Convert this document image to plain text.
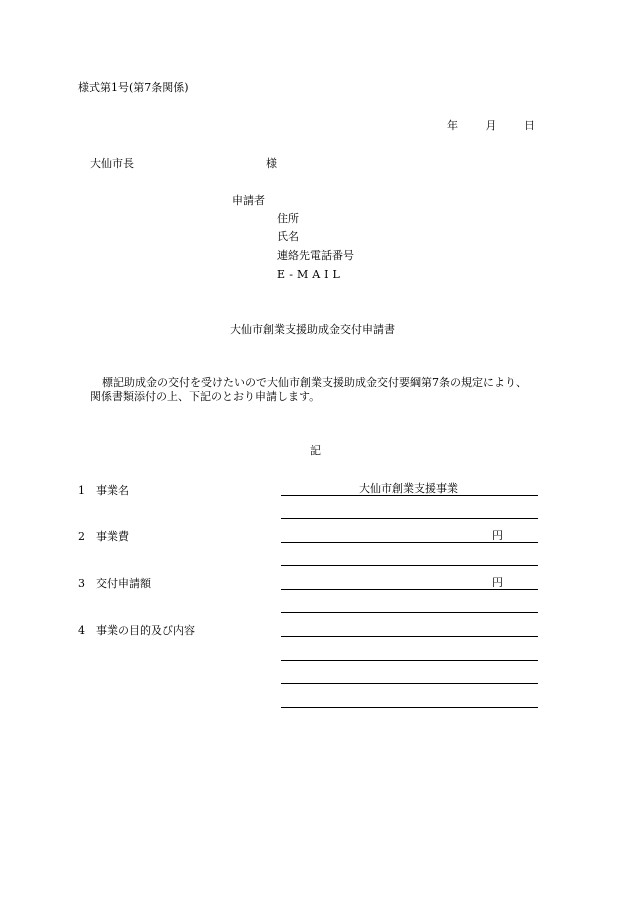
様式第1号(第7条関係)
年	月	日
大仙市長	様
申請者
住所
氏名
連絡先電話番号
E-MAIL
大仙市創業支援助成金交付申請書
標記助成金の交付を受けたいので大仙市創業支援助成金交付要綱第7条の規定により、
関係書類添付の上、下記のとおり申請します。
記
1 事業名	大仙市創業支援事業
2 事業費	円
3 交付申請額	円
4 事業の目的及び内容
